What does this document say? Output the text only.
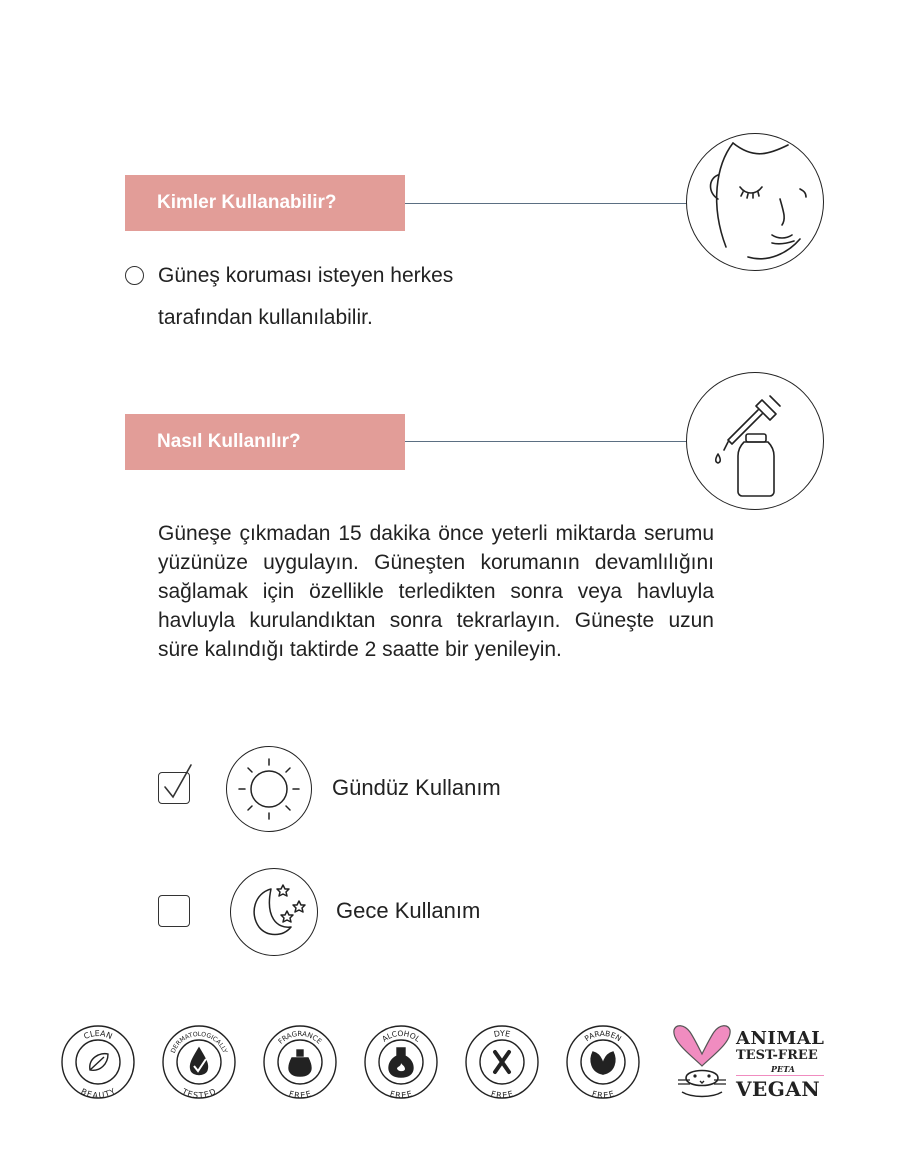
Kimler Kullanabilir?
Güneş koruması isteyen herkes
tarafından kullanılabilir.
Nasıl Kullanılır?
Güneşe çıkmadan 15 dakika önce yeterli miktarda serumu yüzünüze uygulayın. Güneşten korumanın devamlılığını sağlamak için özellikle terledikten sonra veya havluyla havluyla kurulandıktan sonra tekrarlayın. Güneşte uzun süre kalındığı taktirde 2 saatte bir yenileyin.
Gündüz Kullanım
Gece Kullanım
CLEAN
BEAUTY
DERMATOLOGICALLY
TESTED
FRAGRANCE
FREE
ALCOHOL
FREE
DYE
FREE
PARABEN
FREE
ANIMAL
TEST-FREE
PETA
VEGAN
